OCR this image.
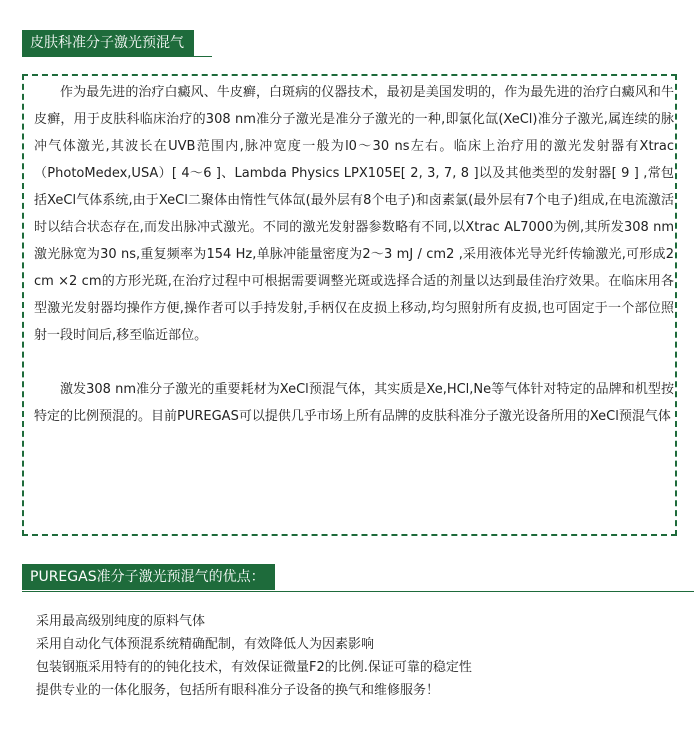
皮肤科准分子激光预混气

作为最先进的治疗白癜风、牛皮癣，白斑病的仪器技术，最初是美国发明的，作为最先进的治疗白癜风和牛皮癣，用于皮肤科临床治疗的308 nm准分子激光是准分子激光的一种,即氯化氙(XeCl)准分子激光,属连续的脉冲气体激光,其波长在UVB范围内,脉冲宽度一般为l0～30 ns左右。临床上治疗用的激光发射器有Xtrac（PhotoMedex,USA）[ 4～6 ]、Lambda Physics LPX105E[ 2, 3, 7, 8 ]以及其他类型的发射器[ 9 ] ,常包括XeCl气体系统,由于XeCl二聚体由惰性气体氙(最外层有8个电子)和卤素氯(最外层有7个电子)组成,在电流激活时以结合状态存在,而发出脉冲式激光。不同的激光发射器参数略有不同,以Xtrac AL7000为例,其所发308 nm 激光脉宽为30 ns,重复频率为154 Hz,单脉冲能量密度为2～3 mJ / cm2 ,采用液体光导光纤传输激光,可形成2 cm ×2 cm的方形光斑,在治疗过程中可根据需要调整光斑或选择合适的剂量以达到最佳治疗效果。在临床用各型激光发射器均操作方便,操作者可以手持发射,手柄仅在皮损上移动,均匀照射所有皮损,也可固定于一个部位照射一段时间后,移至临近部位。

激发308 nm准分子激光的重要耗材为XeCl预混气体，其实质是Xe,HCl,Ne等气体针对特定的品牌和机型按特定的比例预混的。目前PUREGAS可以提供几乎市场上所有品牌的皮肤科准分子激光设备所用的XeCl预混气体

PUREGAS准分子激光预混气的优点：
采用最高级别纯度的原料气体
采用自动化气体预混系统精确配制，有效降低人为因素影响
包装钢瓶采用特有的的钝化技术，有效保证微量F2的比例.保证可靠的稳定性
提供专业的一体化服务，包括所有眼科准分子设备的换气和维修服务！
